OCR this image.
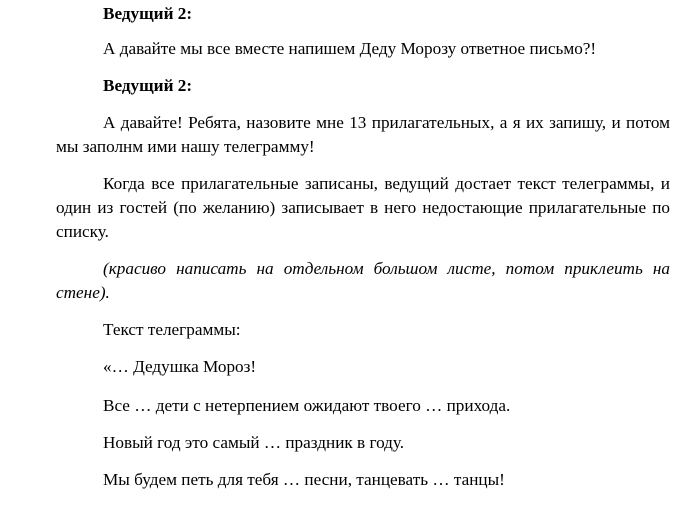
Ведущий 2:

А давайте мы все вместе напишем Деду Морозу ответное письмо?!

Ведущий 2:

А давайте! Ребята, назовите мне 13 прилагательных, а я их запишу, и потом мы заполнм ими нашу телеграмму!

Когда все прилагательные записаны, ведущий достает текст телеграммы, и один из гостей (по желанию) записывает в него недостающие прилагательные по списку.

(красиво написать на отдельном большом листе, потом приклеить на стене).

Текст телеграммы:

«… Дедушка Мороз!

Все … дети с нетерпением ожидают твоего … прихода.

Новый год это самый … праздник в году.

Мы будем петь для тебя … песни, танцевать … танцы!
